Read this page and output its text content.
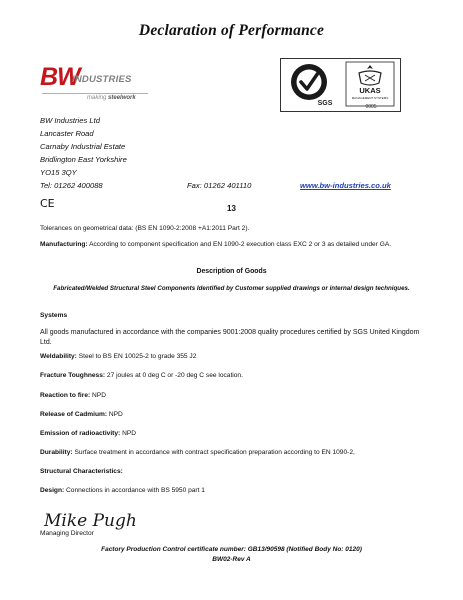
Declaration of Performance
BW
INDUSTRIES
making steelwork
SGS
UKAS
MANAGEMENT SYSTEMS
0005
BW Industries Ltd
Lancaster Road
Carnaby Industrial Estate
Bridlington East Yorkshire
YO15 3QY
Tel: 01262 400088	Fax: 01262 401110	www.bw-industries.co.uk
CE	13
Tolerances on geometrical data: (BS EN 1090-2:2008 +A1:2011 Part 2).
Manufacturing: According to component specification and EN 1090-2 execution class EXC 2 or 3 as detailed under GA.
Description of Goods
Fabricated/Welded Structural Steel Components Identified by Customer supplied drawings or internal design techniques.
Systems
All goods manufactured in accordance with the companies 9001:2008 quality procedures certified by SGS United Kingdom Ltd.
Weldability: Steel to BS EN 10025-2 to grade 355 J2
Fracture Toughness: 27 joules at 0 deg C or -20 deg C see location.
Reaction to fire: NPD
Release of Cadmium: NPD
Emission of radioactivity: NPD
Durability: Surface treatment in accordance with contract specification preparation according to EN 1090-2,
Structural Characteristics:
Design: Connections in accordance with BS 5950 part 1
Mike Pugh
Managing Director
Factory Production Control certificate number: GB13/90598 (Notified Body No: 0120)
BW02-Rev A
